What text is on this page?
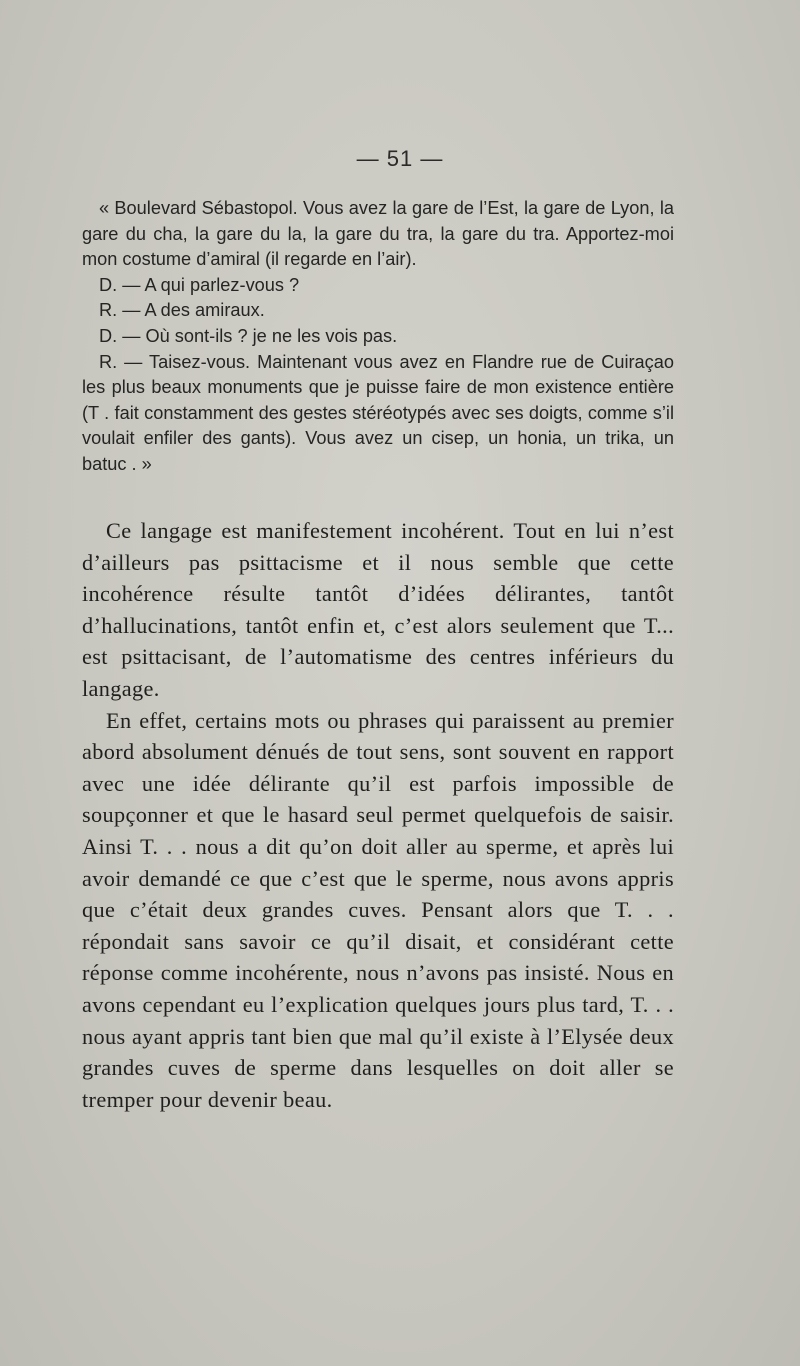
— 51 —

« Boulevard Sébastopol. Vous avez la gare de l’Est, la gare de Lyon, la gare du cha, la gare du la, la gare du tra, la gare du tra. Apportez-moi mon costume d’amiral (il regarde en l’air).

D. — A qui parlez-vous ?

R. — A des amiraux.

D. — Où sont-ils ? je ne les vois pas.

R. — Taisez-vous. Maintenant vous avez en Flandre rue de Cuiraçao les plus beaux monuments que je puisse faire de mon existence entière (T . fait constamment des gestes stéréotypés avec ses doigts, comme s’il voulait enfiler des gants). Vous avez un cisep, un honia, un trika, un batuc . »

Ce langage est manifestement incohérent. Tout en lui n’est d’ailleurs pas psittacisme et il nous semble que cette incohérence résulte tantôt d’idées délirantes, tantôt d’hallucinations, tantôt enfin et, c’est alors seulement que T... est psittacisant, de l’automatisme des centres inférieurs du langage.

En effet, certains mots ou phrases qui paraissent au premier abord absolument dénués de tout sens, sont souvent en rapport avec une idée délirante qu’il est parfois impossible de soupçonner et que le hasard seul permet quelquefois de saisir. Ainsi T. . . nous a dit qu’on doit aller au sperme, et après lui avoir demandé ce que c’est que le sperme, nous avons appris que c’était deux grandes cuves. Pensant alors que T. . . répondait sans savoir ce qu’il disait, et considérant cette réponse comme incohérente, nous n’avons pas insisté. Nous en avons cependant eu l’explication quelques jours plus tard, T. . . nous ayant appris tant bien que mal qu’il existe à l’Elysée deux grandes cuves de sperme dans lesquelles on doit aller se tremper pour devenir beau.
